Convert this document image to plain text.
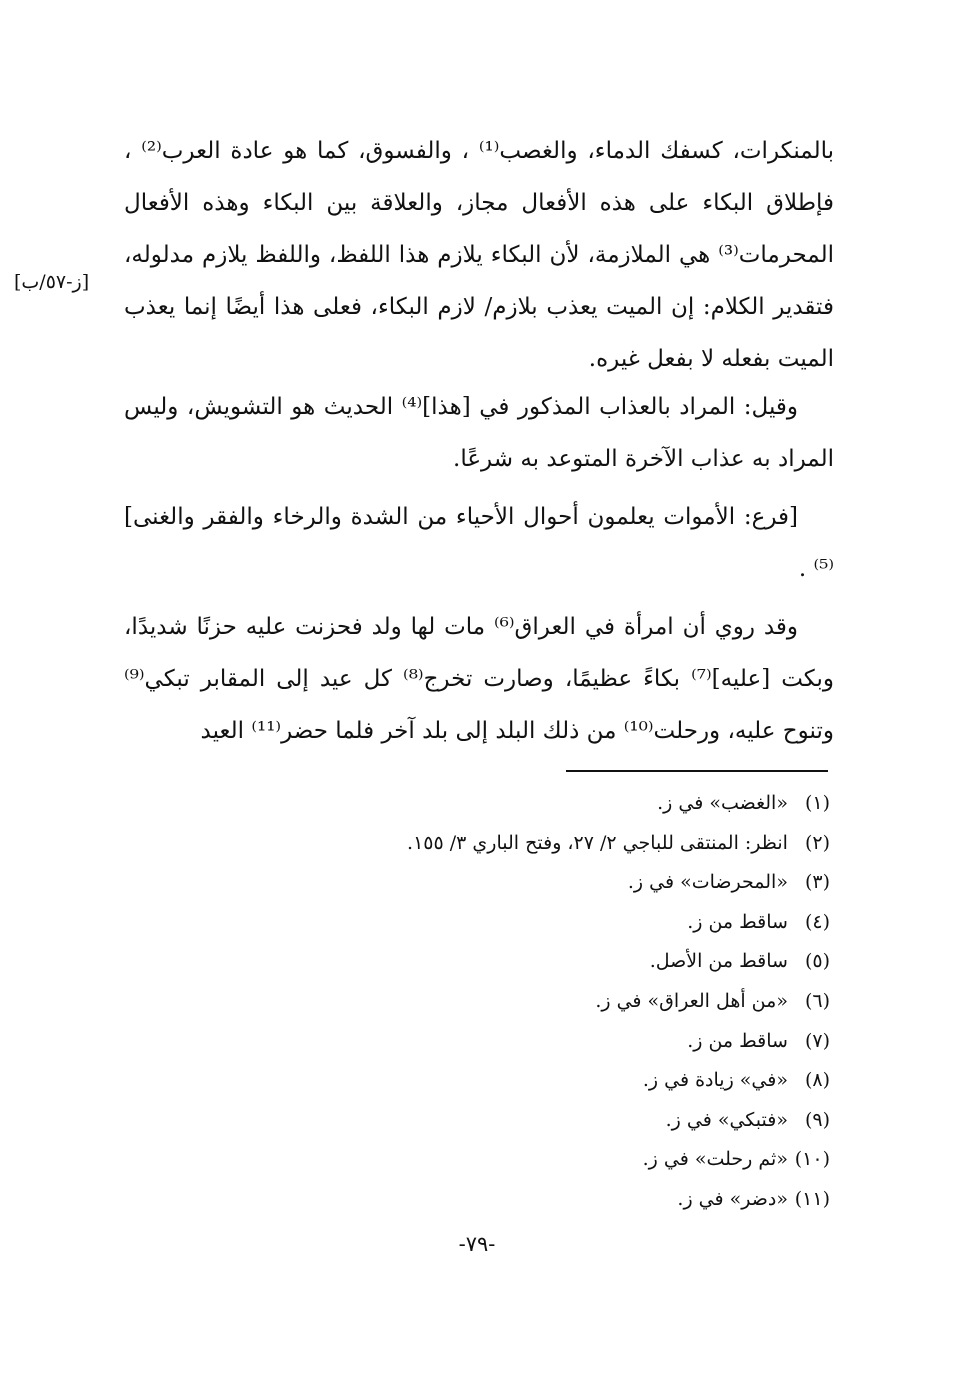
بالمنكرات، كسفك الدماء، والغصب⁽¹⁾ ، والفسوق، كما هو عادة العرب⁽²⁾ ، فإطلاق البكاء على هذه الأفعال مجاز، والعلاقة بين البكاء وهذه الأفعال المحرمات⁽³⁾ هي الملازمة، لأن البكاء يلازم هذا اللفظ، واللفظ يلازم مدلوله، فتقدير الكلام: إن الميت يعذب بلازم/ لازم البكاء، فعلى هذا أيضًا إنما يعذب الميت بفعله لا بفعل غيره.
[ز-٥٧/ب]
وقيل: المراد بالعذاب المذكور في [هذا]⁽⁴⁾ الحديث هو التشويش، وليس المراد به عذاب الآخرة المتوعد به شرعًا.
[فرع: الأموات يعلمون أحوال الأحياء من الشدة والرخاء والفقر والغنى]⁽⁵⁾ .
وقد روي أن امرأة في العراق⁽⁶⁾ مات لها ولد فحزنت عليه حزنًا شديدًا، وبكت [عليه]⁽⁷⁾ بكاءً عظيمًا، وصارت تخرج⁽⁸⁾ كل عيد إلى المقابر تبكي⁽⁹⁾ وتنوح عليه، ورحلت⁽¹⁰⁾ من ذلك البلد إلى بلد آخر فلما حضر⁽¹¹⁾ العيد
(١) «الغضب» في ز.
(٢) انظر: المنتقى للباجي ٢/ ٢٧، وفتح الباري ٣/ ١٥٥.
(٣) «المحرضات» في ز.
(٤) ساقط من ز.
(٥) ساقط من الأصل.
(٦) «من أهل العراق» في ز.
(٧) ساقط من ز.
(٨) «في» زيادة في ز.
(٩) «فتبكي» في ز.
(١٠) «ثم رحلت» في ز.
(١١) «دضر» في ز.
-٧٩-
